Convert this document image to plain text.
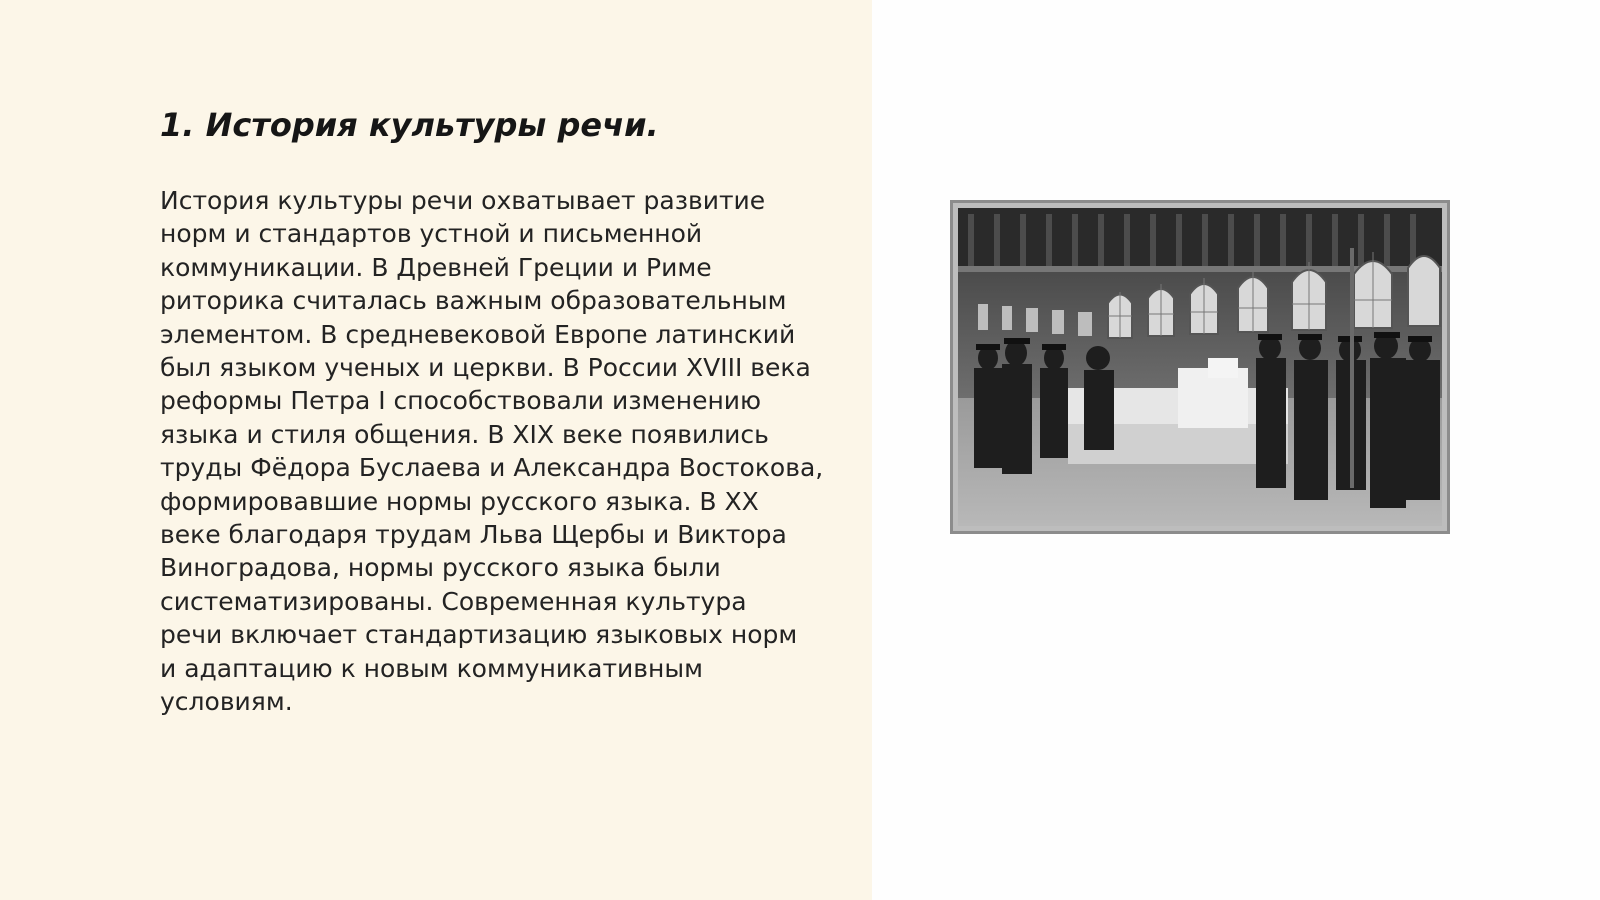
1. История культуры речи.
История культуры речи охватывает развитие
норм и стандартов устной и письменной
коммуникации. В Древней Греции и Риме
риторика считалась важным образовательным
элементом. В средневековой Европе латинский
был языком ученых и церкви. В России XVIII века
реформы Петра I способствовали изменению
языка и стиля общения. В XIX веке появились
труды Фёдора Буслаева и Александра Востокова,
формировавшие нормы русского языка. В XX
веке благодаря трудам Льва Щербы и Виктора
Виноградова, нормы русского языка были
систематизированы. Современная культура
речи включает стандартизацию языковых норм
и адаптацию к новым коммуникативным
условиям.
